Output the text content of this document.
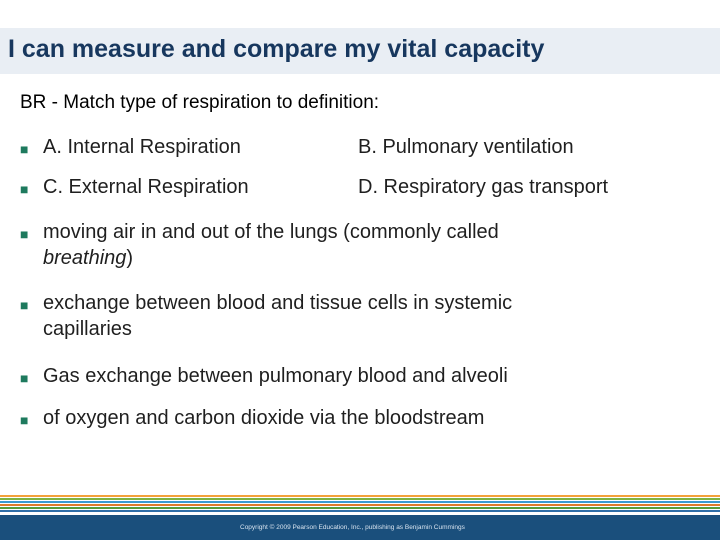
I can measure and compare my vital capacity
BR - Match type of respiration to definition:
■ A. Internal Respiration	B. Pulmonary ventilation
■ C. External Respiration	D. Respiratory gas transport
■ moving air in and out of the lungs (commonly called
breathing)
■ exchange between blood and tissue cells in systemic
capillaries
■ Gas exchange between pulmonary blood and alveoli
■ of oxygen and carbon dioxide via the bloodstream
Copyright © 2009 Pearson Education, Inc., publishing as Benjamin Cummings
